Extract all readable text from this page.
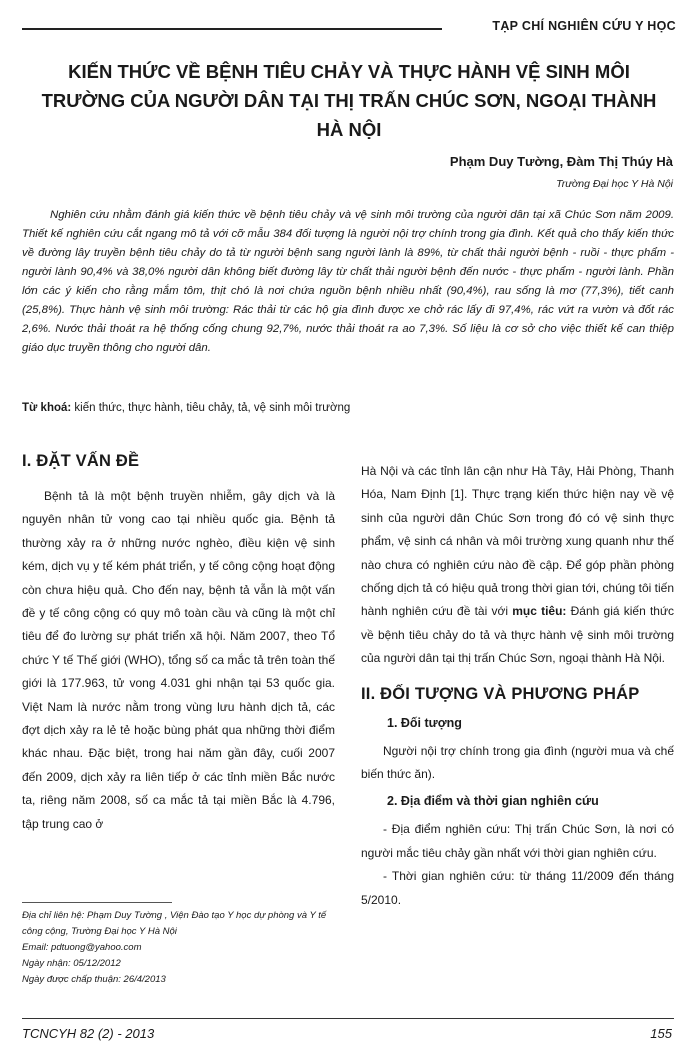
TẠP CHÍ NGHIÊN CỨU Y HỌC
KIẾN THỨC VỀ BỆNH TIÊU CHẢY VÀ THỰC HÀNH VỆ SINH MÔI TRƯỜNG CỦA NGƯỜI DÂN TẠI THỊ TRẤN CHÚC SƠN, NGOẠI THÀNH HÀ NỘI
Phạm Duy Tường, Đàm Thị Thúy Hà
Trường Đại học Y Hà Nội

Nghiên cứu nhằm đánh giá kiến thức về bệnh tiêu chảy và vệ sinh môi trường của người dân tại xã Chúc Sơn năm 2009. Thiết kế nghiên cứu cắt ngang mô tả với cỡ mẫu 384 đối tượng là người nội trợ chính trong gia đình. Kết quả cho thấy kiến thức về đường lây truyền bệnh tiêu chảy do tả từ người bệnh sang người lành là 89%, từ chất thải người bệnh - ruồi - thực phẩm - người lành 90,4% và 38,0% người dân không biết đường lây từ chất thải người bệnh đến nước - thực phẩm - người lành. Phần lớn các ý kiến cho rằng mắm tôm, thịt chó là nơi chứa nguồn bệnh nhiều nhất (90,4%), rau sống là mơ (77,3%), tiết canh (25,8%). Thực hành vệ sinh môi trường: Rác thải từ các hộ gia đình được xe chở rác lấy đi 97,4%, rác vứt ra vườn và đốt rác 2,6%. Nước thải thoát ra hệ thống cống chung 92,7%, nước thải thoát ra ao 7,3%. Số liệu là cơ sở cho việc thiết kế can thiệp giáo dục truyền thông cho người dân.

Từ khoá: kiến thức, thực hành, tiêu chảy, tả, vệ sinh môi trường
I. ĐẶT VẤN ĐỀ

Bệnh tả là một bệnh truyền nhiễm, gây dịch và là nguyên nhân tử vong cao tại nhiều quốc gia. Bệnh tả thường xảy ra ở những nước nghèo, điều kiện vệ sinh kém, dịch vụ y tế kém phát triển, y tế công cộng hoạt động còn chưa hiệu quả. Cho đến nay, bệnh tả vẫn là một vấn đề y tế công cộng có quy mô toàn cầu và cũng là một chỉ tiêu để đo lường sự phát triển xã hội. Năm 2007, theo Tổ chức Y tế Thế giới (WHO), tổng số ca mắc tả trên toàn thế giới là 177.963, tử vong 4.031 ghi nhận tại 53 quốc gia. Việt Nam là nước nằm trong vùng lưu hành dịch tả, các đợt dịch xảy ra lẻ tẻ hoặc bùng phát qua những thời điểm khác nhau. Đặc biệt, trong hai năm gần đây, cuối 2007 đến 2009, dịch xảy ra liên tiếp ở các tỉnh miền Bắc nước ta, riêng năm 2008, số ca mắc tả tại miền Bắc là 4.796, tập trung cao ở

Hà Nội và các tỉnh lân cận như Hà Tây, Hải Phòng, Thanh Hóa, Nam Định [1]. Thực trạng kiến thức hiện nay về vệ sinh của người dân Chúc Sơn trong đó có vệ sinh thực phẩm, vệ sinh cá nhân và môi trường xung quanh như thế nào chưa có nghiên cứu nào đề cập. Để góp phần phòng chống dịch tả có hiệu quả trong thời gian tới, chúng tôi tiến hành nghiên cứu đề tài với mục tiêu: Đánh giá kiến thức về bệnh tiêu chảy do tả và thực hành vệ sinh môi trường của người dân tại thị trấn Chúc Sơn, ngoại thành Hà Nội.

II. ĐỐI TƯỢNG VÀ PHƯƠNG PHÁP
1. Đối tượng

Người nội trợ chính trong gia đình (người mua và chế biến thức ăn).

2. Địa điểm và thời gian nghiên cứu

- Địa điểm nghiên cứu: Thị trấn Chúc Sơn, là nơi có người mắc tiêu chảy gần nhất với thời gian nghiên cứu.

- Thời gian nghiên cứu: từ tháng 11/2009 đến tháng 5/2010.

Địa chỉ liên hệ: Phạm Duy Tường , Viện Đào tạo Y học dự phòng và Y tế công cộng, Trường Đại học Y Hà Nội
Email: pdtuong@yahoo.com
Ngày nhận: 05/12/2012
Ngày được chấp thuận: 26/4/2013
TCNCYH 82 (2) - 2013	155
